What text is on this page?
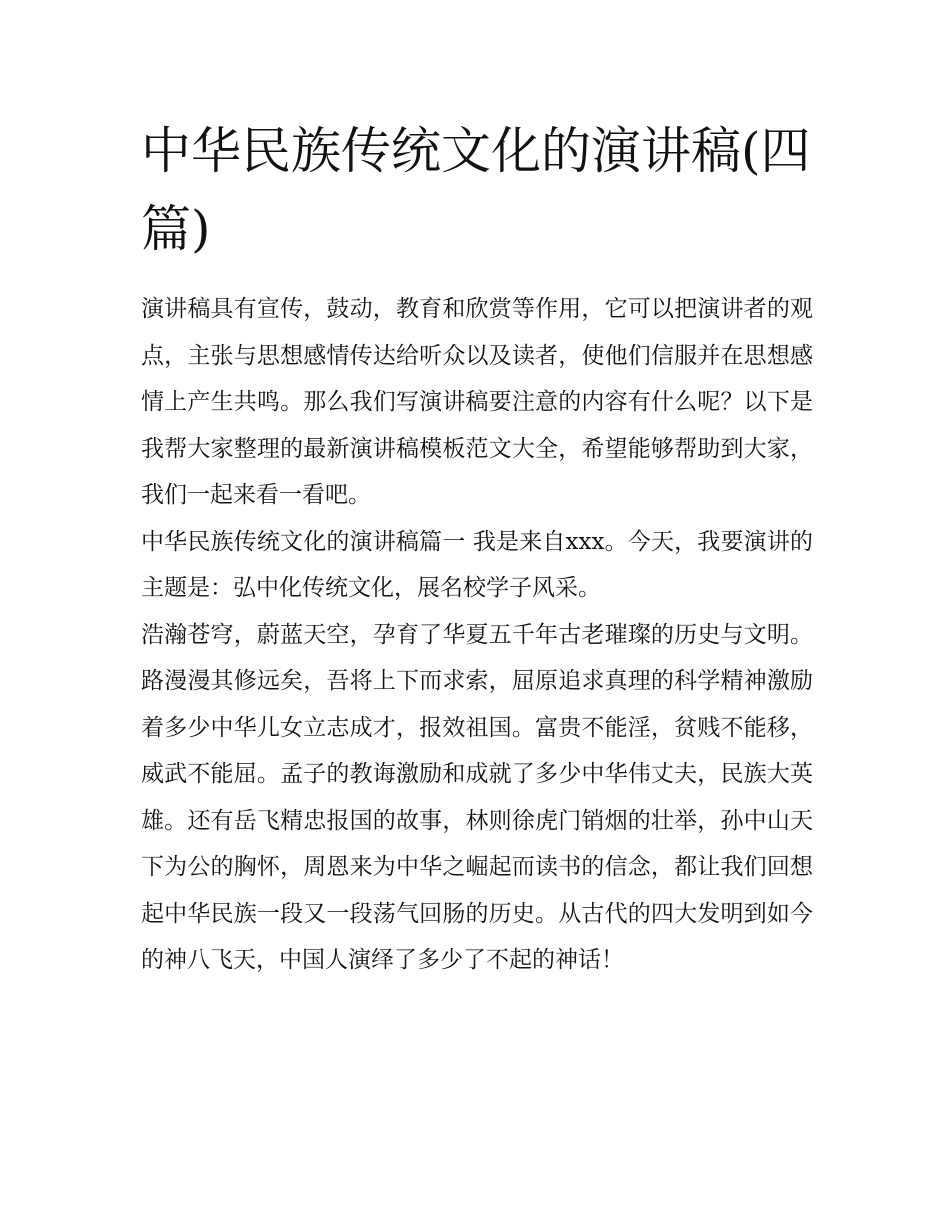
中华民族传统文化的演讲稿(四篇)

演讲稿具有宣传，鼓动，教育和欣赏等作用，它可以把演讲者的观点，主张与思想感情传达给听众以及读者，使他们信服并在思想感情上产生共鸣。那么我们写演讲稿要注意的内容有什么呢？以下是我帮大家整理的最新演讲稿模板范文大全，希望能够帮助到大家，我们一起来看一看吧。

中华民族传统文化的演讲稿篇一 我是来自xxx。今天，我要演讲的主题是：弘中化传统文化，展名校学子风采。

浩瀚苍穹，蔚蓝天空，孕育了华夏五千年古老璀璨的历史与文明。路漫漫其修远矣，吾将上下而求索，屈原追求真理的科学精神激励着多少中华儿女立志成才，报效祖国。富贵不能淫，贫贱不能移，威武不能屈。孟子的教诲激励和成就了多少中华伟丈夫，民族大英雄。还有岳飞精忠报国的故事，林则徐虎门销烟的壮举，孙中山天下为公的胸怀，周恩来为中华之崛起而读书的信念，都让我们回想起中华民族一段又一段荡气回肠的历史。从古代的四大发明到如今的神八飞天，中国人演绎了多少了不起的神话！
